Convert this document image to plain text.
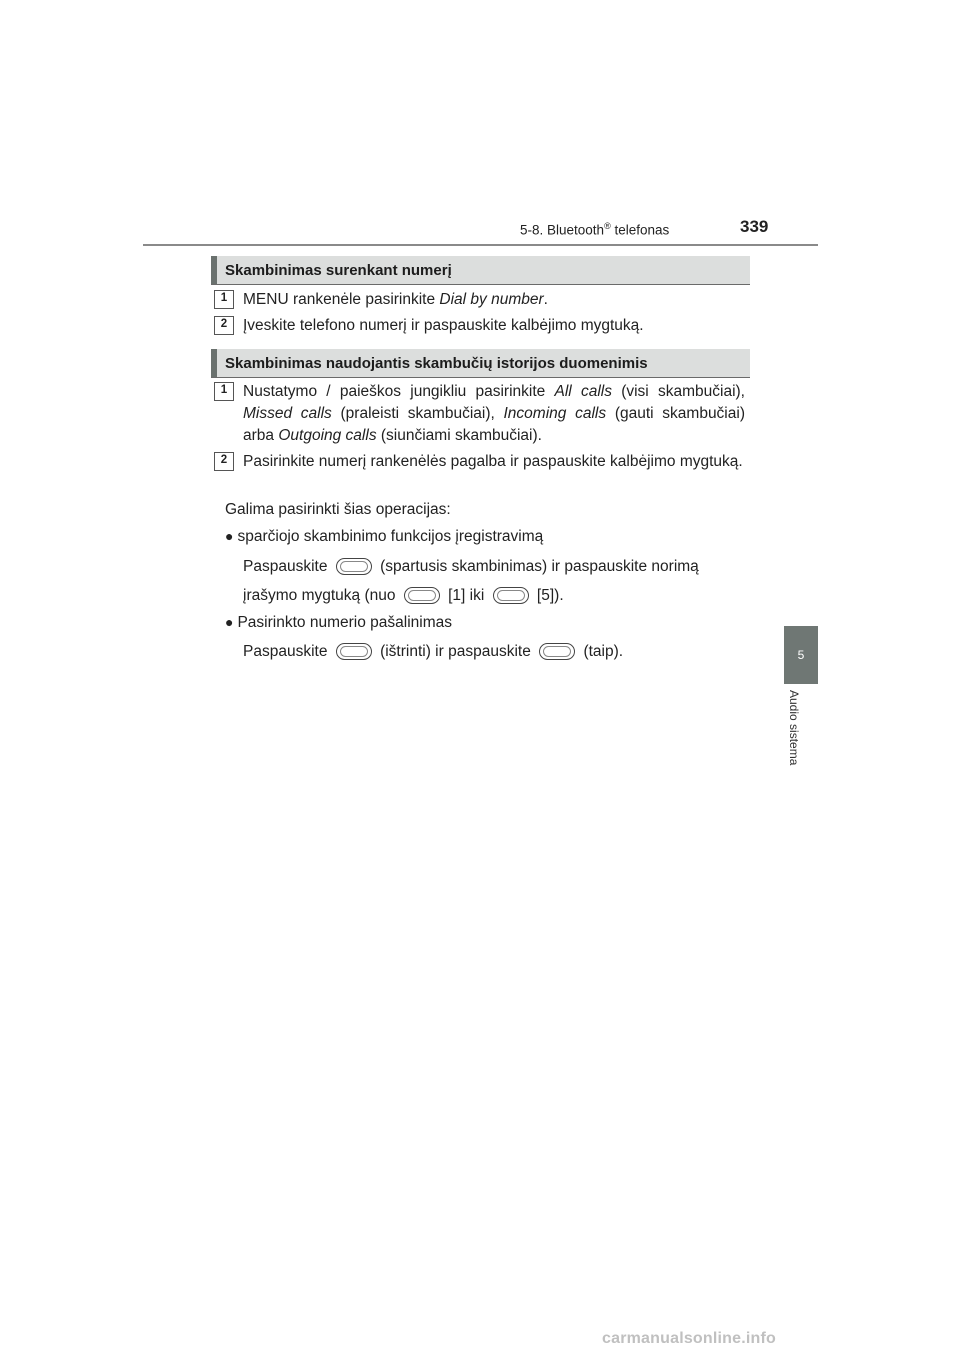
5-8. Bluetooth® telefonas	339
5
Audio sistema
Skambinimas surenkant numerį
1	MENU rankenėle pasirinkite Dial by number.
2	Įveskite telefono numerį ir paspauskite kalbėjimo mygtuką.
Skambinimas naudojantis skambučių istorijos duomenimis
1	Nustatymo / paieškos jungikliu pasirinkite All calls (visi skambučiai), Missed calls (praleisti skambučiai), Incoming calls (gauti skambučiai) arba Outgoing calls (siunčiami skambučiai).
2	Pasirinkite numerį rankenėlės pagalba ir paspauskite kalbėjimo mygtuką.
Galima pasirinkti šias operacijas:
● sparčiojo skambinimo funkcijos įregistravimą
Paspauskite	(spartusis skambinimas) ir paspauskite norimą
įrašymo mygtuką (nuo	[1] iki	[5]).
● Pasirinkto numerio pašalinimas
Paspauskite	(ištrinti) ir paspauskite	(taip).
carmanualsonline.info
